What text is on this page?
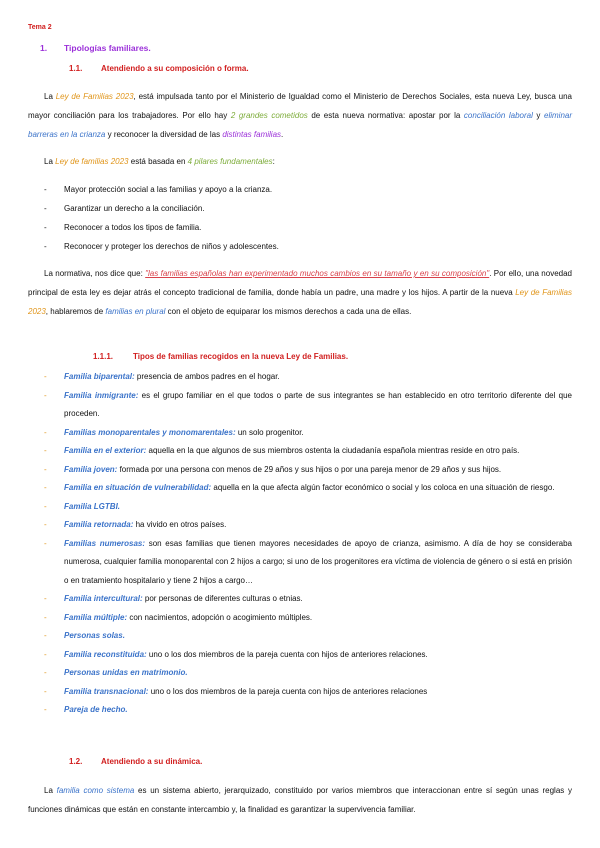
Tema 2
1. Tipologías familiares.
1.1. Atendiendo a su composición o forma.
La Ley de Familias 2023, está impulsada tanto por el Ministerio de Igualdad como el Ministerio de Derechos Sociales, esta nueva Ley, busca una mayor conciliación para los trabajadores. Por ello hay 2 grandes cometidos de esta nueva normativa: apostar por la conciliación laboral y eliminar barreras en la crianza y reconocer la diversidad de las distintas familias.
La Ley de familias 2023 está basada en 4 pilares fundamentales:
- Mayor protección social a las familias y apoyo a la crianza.
- Garantizar un derecho a la conciliación.
- Reconocer a todos los tipos de familia.
- Reconocer y proteger los derechos de niños y adolescentes.
La normativa, nos dice que: "las familias españolas han experimentado muchos cambios en su tamaño y en su composición". Por ello, una novedad principal de esta ley es dejar atrás el concepto tradicional de familia, donde había un padre, una madre y los hijos. A partir de la nueva Ley de Familias 2023, hablaremos de familias en plural con el objeto de equiparar los mismos derechos a cada una de ellas.
1.1.1. Tipos de familias recogidos en la nueva Ley de Familias.
- Familia biparental: presencia de ambos padres en el hogar.
- Familia inmigrante: es el grupo familiar en el que todos o parte de sus integrantes se han establecido en otro territorio diferente del que proceden.
- Familias monoparentales y monomarentales: un solo progenitor.
- Familia en el exterior: aquella en la que algunos de sus miembros ostenta la ciudadanía española mientras reside en otro país.
- Familia joven: formada por una persona con menos de 29 años y sus hijos o por una pareja menor de 29 años y sus hijos.
- Familia en situación de vulnerabilidad: aquella en la que afecta algún factor económico o social y los coloca en una situación de riesgo.
- Familia LGTBI.
- Familia retornada: ha vivido en otros países.
- Familias numerosas: son esas familias que tienen mayores necesidades de apoyo de crianza, asimismo. A día de hoy se consideraba numerosa, cualquier familia monoparental con 2 hijos a cargo; si uno de los progenitores era víctima de violencia de género o si está en prisión o en tratamiento hospitalario y tiene 2 hijos a cargo…
- Familia intercultural: por personas de diferentes culturas o etnias.
- Familia múltiple: con nacimientos, adopción o acogimiento múltiples.
- Personas solas.
- Familia reconstituida: uno o los dos miembros de la pareja cuenta con hijos de anteriores relaciones.
- Personas unidas en matrimonio.
- Familia transnacional: uno o los dos miembros de la pareja cuenta con hijos de anteriores relaciones
- Pareja de hecho.
1.2. Atendiendo a su dinámica.
La familia como sistema es un sistema abierto, jerarquizado, constituido por varios miembros que interaccionan entre sí según unas reglas y funciones dinámicas que están en constante intercambio y, la finalidad es garantizar la supervivencia familiar.
